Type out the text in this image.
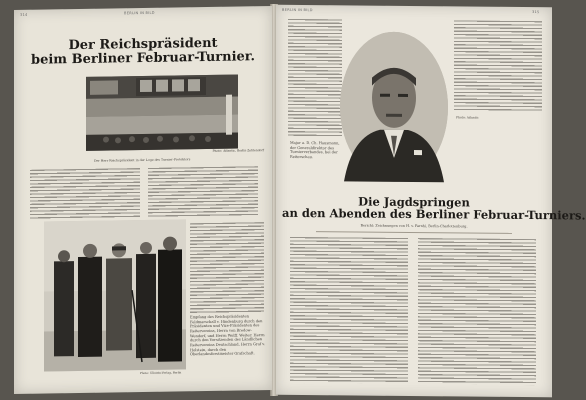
314	BERLIN IN BILD
Der Reichspräsident
beim Berliner Februar-Turnier.
Photo: Atlantic, Berlin-Zehlendorf
Der Herr Reichspräsident in der Loge des Turnier-Protektors
Photo: Ullstein-Verlag, Berlin
Empfang des Reichspräsidenten Feldmarschall v. Hindenburg durch den Präsidenten und Vize-Präsidenten des Reitervereins, Herrn von Bredow-Wendorf, und Herrn Wolff. Weiter: Herrn durch den Vorsitzenden des Ländlichen Reitervereins Deutschland, Herrn Graf v. Holstein, durch den Oberlandesforstmeister Grafschaft.
BERLIN IN BILD	315
Major a. D. Ch. Hausmann, der Generaldirektor des Turnierverbandes, bei der Reiterschau.
Photo: Atlantic
Die Jagdspringen
an den Abenden des Berliner Februar-Turniers.
Bericht: Zeichnungen von H. v. Farnhi, Berlin-Charlottenburg.
